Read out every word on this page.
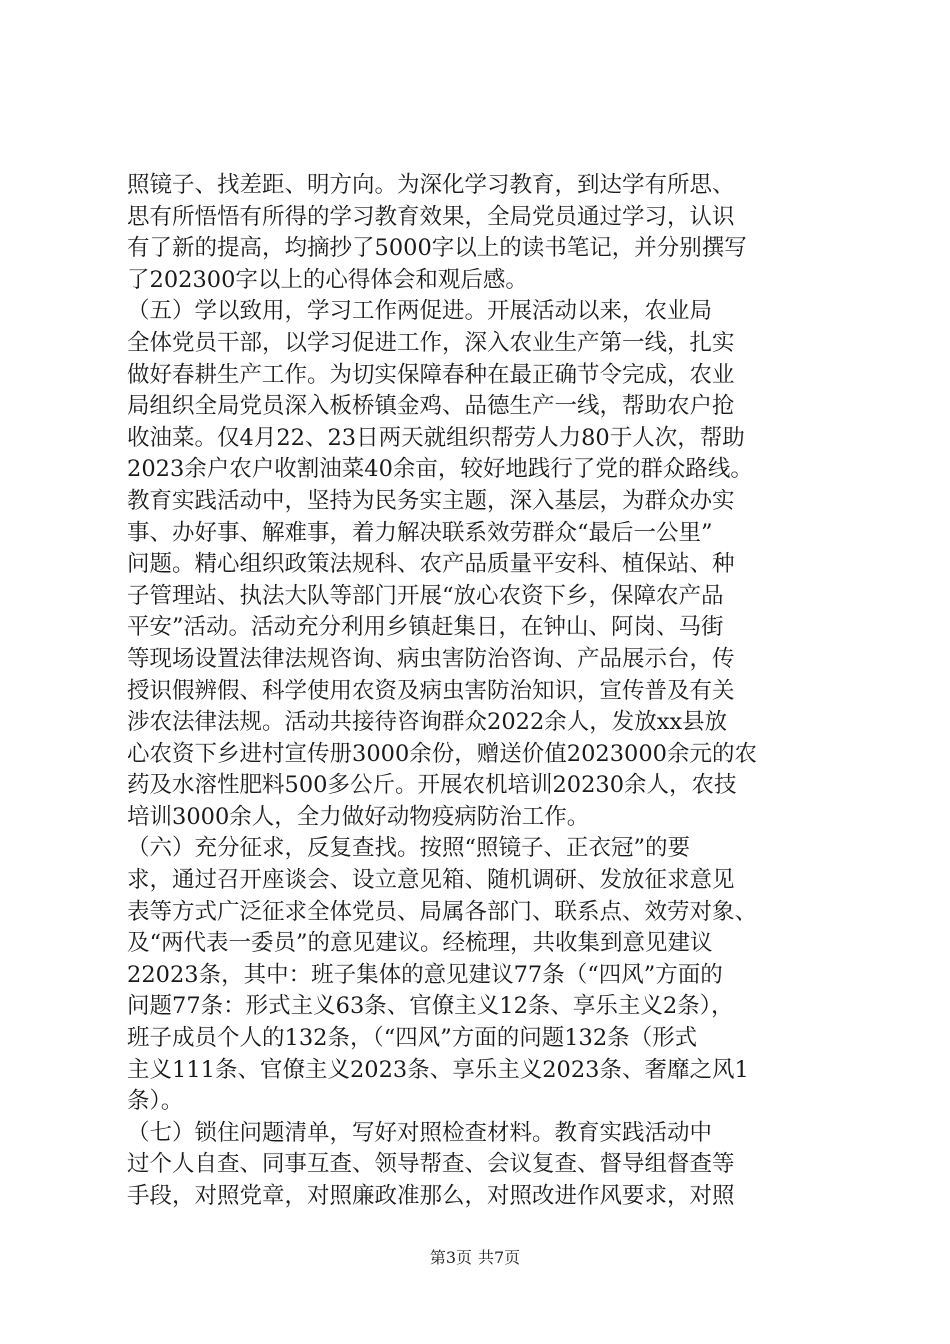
照镜子、找差距、明方向。为深化学习教育，到达学有所思、
思有所悟悟有所得的学习教育效果，全局党员通过学习，认识
有了新的提高，均摘抄了5000字以上的读书笔记，并分别撰写
了202300字以上的心得体会和观后感。
（五）学以致用，学习工作两促进。开展活动以来，农业局
全体党员干部，以学习促进工作，深入农业生产第一线，扎实
做好春耕生产工作。为切实保障春种在最正确节令完成，农业
局组织全局党员深入板桥镇金鸡、品德生产一线，帮助农户抢
收油菜。仅4月22、23日两天就组织帮劳人力80于人次，帮助
2023余户农户收割油菜40余亩，较好地践行了党的群众路线。
教育实践活动中，坚持为民务实主题，深入基层，为群众办实
事、办好事、解难事，着力解决联系效劳群众“最后一公里”
问题。精心组织政策法规科、农产品质量平安科、植保站、种
子管理站、执法大队等部门开展“放心农资下乡，保障农产品
平安”活动。活动充分利用乡镇赶集日，在钟山、阿岗、马街
等现场设置法律法规咨询、病虫害防治咨询、产品展示台，传
授识假辨假、科学使用农资及病虫害防治知识，宣传普及有关
涉农法律法规。活动共接待咨询群众2022余人，发放xx县放
心农资下乡进村宣传册3000余份，赠送价值2023000余元的农
药及水溶性肥料500多公斤。开展农机培训20230余人，农技
培训3000余人，全力做好动物疫病防治工作。
（六）充分征求，反复查找。按照“照镜子、正衣冠”的要
求，通过召开座谈会、设立意见箱、随机调研、发放征求意见
表等方式广泛征求全体党员、局属各部门、联系点、效劳对象、
及“两代表一委员”的意见建议。经梳理，共收集到意见建议
22023条，其中：班子集体的意见建议77条（“四风”方面的
问题77条：形式主义63条、官僚主义12条、享乐主义2条），
班子成员个人的132条，（“四风”方面的问题132条（形式
主义111条、官僚主义2023条、享乐主义2023条、奢靡之风1
条）。
（七）锁住问题清单，写好对照检查材料。教育实践活动中
过个人自查、同事互查、领导帮查、会议复查、督导组督查等
手段，对照党章，对照廉政准那么，对照改进作风要求，对照
第3页 共7页
